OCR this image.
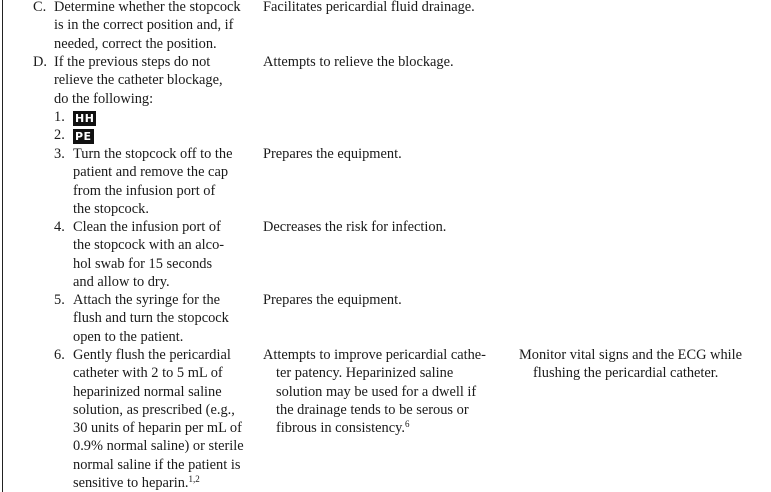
C. Determine whether the stopcock
is in the correct position and, if
needed, correct the position.
Facilitates pericardial fluid drainage.
D. If the previous steps do not
relieve the catheter blockage,
do the following:
Attempts to relieve the blockage.
1. HH
2. PE
3. Turn the stopcock off to the
patient and remove the cap
from the infusion port of
the stopcock.
Prepares the equipment.
4. Clean the infusion port of
the stopcock with an alco-
hol swab for 15 seconds
and allow to dry.
Decreases the risk for infection.
5. Attach the syringe for the
flush and turn the stopcock
open to the patient.
Prepares the equipment.
6. Gently flush the pericardial
catheter with 2 to 5 mL of
heparinized normal saline
solution, as prescribed (e.g.,
30 units of heparin per mL of
0.9% normal saline) or sterile
normal saline if the patient is
sensitive to heparin.$^{1,2}$
Attempts to improve pericardial cathe-
ter patency. Heparinized saline
solution may be used for a dwell if
the drainage tends to be serous or
fibrous in consistency.$^6$
Monitor vital signs and the ECG while
flushing the pericardial catheter.
